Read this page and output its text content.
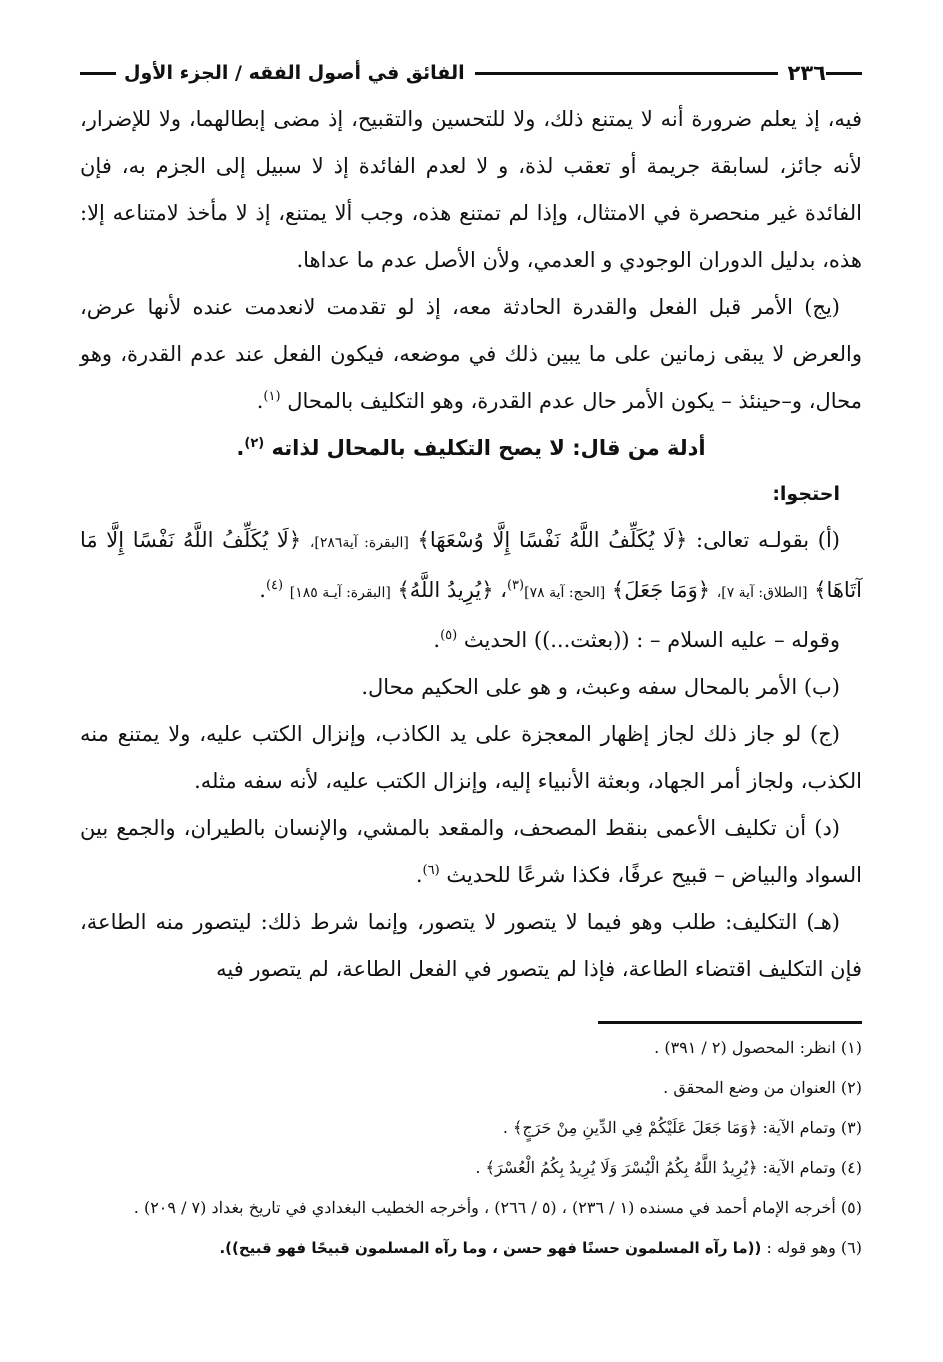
٢٣٦
الفائق في أصول الفقه / الجزء الأول

فيه، إذ يعلم ضرورة أنه لا يمتنع ذلك، ولا للتحسين والتقبيح، إذ مضى إبطالهما، ولا للإضرار، لأنه جائز، لسابقة جريمة أو تعقب لذة، و لا لعدم الفائدة إذ لا سبيل إلى الجزم به، فإن الفائدة غير منحصرة في الامتثال، وإذا لم تمتنع هذه، وجب ألا يمتنع، إذ لا مأخذ لامتناعه إلا: هذه، بدليل الدوران الوجودي و العدمي، ولأن الأصل عدم ما عداها.

(يج) الأمر قبل الفعل والقدرة الحادثة معه، إذ لو تقدمت لانعدمت عنده لأنها عرض، والعرض لا يبقى زمانين على ما يبين ذلك في موضعه، فيكون الفعل عند عدم القدرة، وهو محال، و–حينئذ – يكون الأمر حال عدم القدرة، وهو التكليف بالمحال $^{(١)}$.

أدلة من قال: لا يصح التكليف بالمحال لذاته $^{(٢)}$.

احتجوا:

(أ) بقولـه تعالى: ﴿لَا يُكَلِّفُ اللَّهُ نَفْسًا إِلَّا وُسْعَهَا﴾ [البقرة: آية٢٨٦]، ﴿لَا يُكَلِّفُ اللَّهُ نَفْسًا إِلَّا مَا آتَاهَا﴾ [الطلاق: آية ٧]، ﴿وَمَا جَعَلَ﴾ [الحج: آية ٧٨]$^{(٣)}$، ﴿يُرِيدُ اللَّهُ﴾ [البقرة: آيـة ١٨٥] $^{(٤)}$.

وقوله – عليه السلام – : ((بعثت...)) الحديث $^{(٥)}$.

(ب) الأمر بالمحال سفه وعبث، و هو على الحكيم محال.

(ج) لو جاز ذلك لجاز إظهار المعجزة على يد الكاذب، وإنزال الكتب عليه، ولا يمتنع منه الكذب، ولجاز أمر الجهاد، وبعثة الأنبياء إليه، وإنزال الكتب عليه، لأنه سفه مثله.

(د) أن تكليف الأعمى بنقط المصحف، والمقعد بالمشي، والإنسان بالطيران، والجمع بين السواد والبياض – قبيح عرفًا، فكذا شرعًا للحديث $^{(٦)}$.

(هـ) التكليف: طلب وهو فيما لا يتصور لا يتصور، وإنما شرط ذلك: ليتصور منه الطاعة، فإن التكليف اقتضاء الطاعة، فإذا لم يتصور في الفعل الطاعة، لم يتصور فيه

(١) انظر: المحصول (٢ / ٣٩١) .

(٢) العنوان من وضع المحقق .

(٣) وتمام الآية: ﴿وَمَا جَعَلَ عَلَيْكُمْ فِي الدِّينِ مِنْ حَرَجٍ﴾ .

(٤) وتمام الآية: ﴿يُرِيدُ اللَّهُ بِكُمُ الْيُسْرَ وَلَا يُرِيدُ بِكُمُ الْعُسْرَ﴾ .

(٥) أخرجه الإمام أحمد في مسنده (١ / ٢٣٦) ، (٥ / ٢٦٦) ، وأخرجه الخطيب البغدادي في تاريخ بغداد (٧ / ٢٠٩) .

(٦) وهو قوله : ((ما رآه المسلمون حسنًا فهو حسن ، وما رآه المسلمون قبيحًا فهو قبيح)).
